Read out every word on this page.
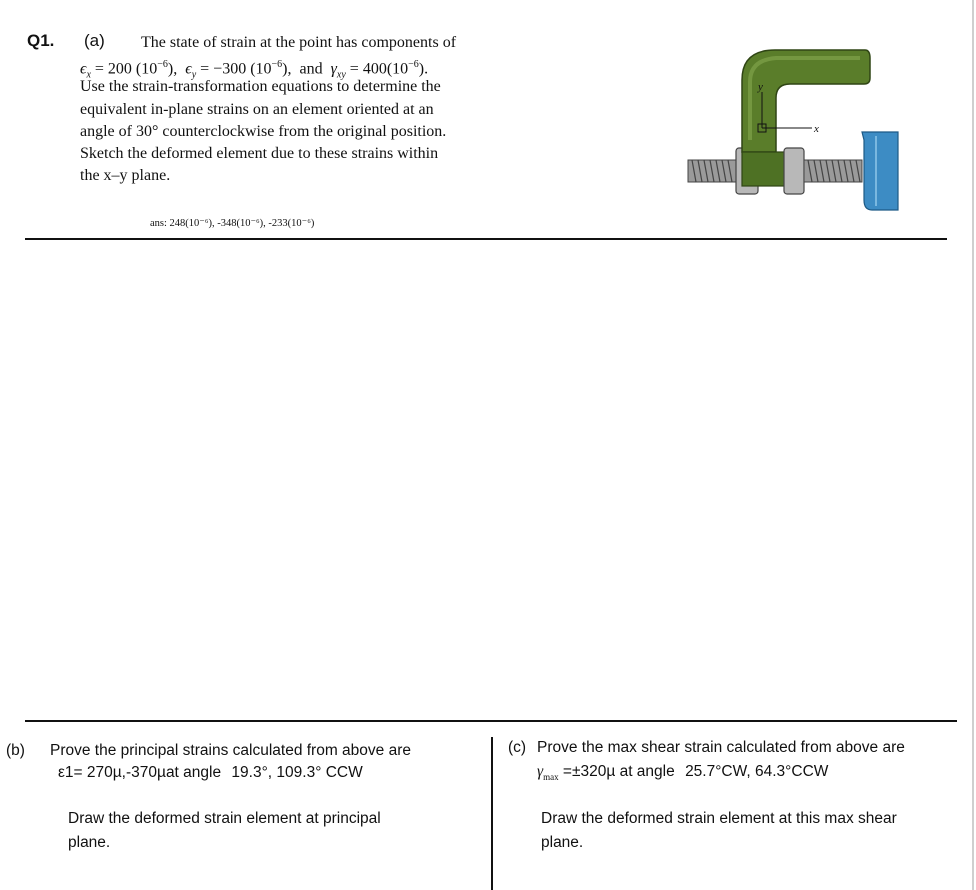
Q1. (a) The state of strain at the point has components of
$\epsilon_x = 200$ $(10^{-6})$, $\epsilon_y = -300$ $(10^{-6})$, and $\gamma_{xy} = 400(10^{-6})$.
Use the strain-transformation equations to determine the
equivalent in-plane strains on an element oriented at an
angle of 30° counterclockwise from the original position.
Sketch the deformed element due to these strains within
the x–y plane.
ans: 248(10⁻⁶), -348(10⁻⁶), -233(10⁻⁶)
y
x
(b) Prove the principal strains calculated from above are
ε1= 270µ,-370µat angle 19.3°, 109.3° CCW
Draw the deformed strain element at principal
plane.
(c) Prove the max shear strain calculated from above are
$\gamma_{max} =\pm 320\mu$ at angle 25.7°CW, 64.3°CCW
Draw the deformed strain element at this max shear
plane.
